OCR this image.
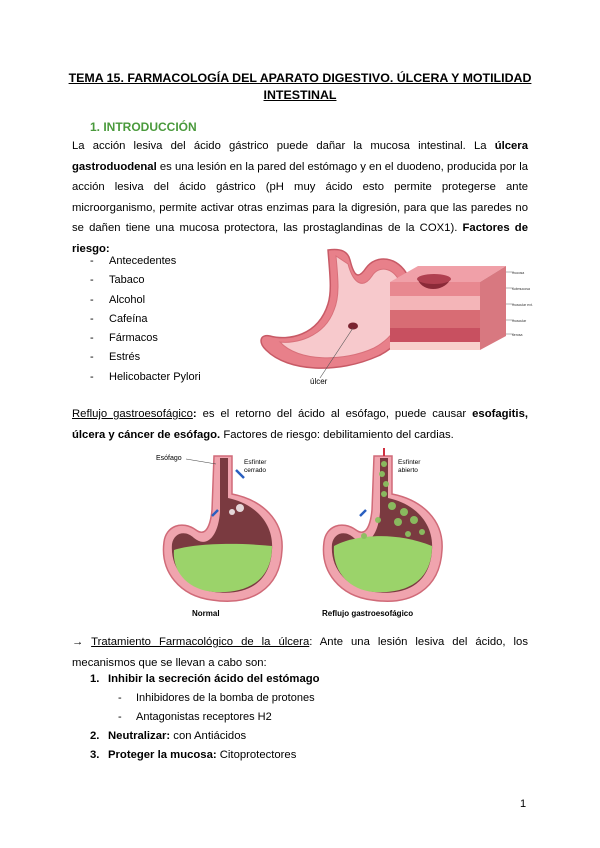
TEMA 15. FARMACOLOGÍA DEL APARATO DIGESTIVO. ÚLCERA Y MOTILIDAD INTESTINAL
1. INTRODUCCIÓN
La acción lesiva del ácido gástrico puede dañar la mucosa intestinal. La úlcera gastroduodenal es una lesión en la pared del estómago y en el duodeno, producida por la acción lesiva del ácido gástrico (pH muy ácido esto permite protegerse ante microorganismo, permite activar otras enzimas para la digresión, para que las paredes no se dañen tiene una mucosa protectora, las prostaglandinas de la COX1). Factores de riesgo:
- Antecedentes
- Tabaco
- Alcohol
- Cafeína
- Fármacos
- Estrés
- Helicobacter Pylori	úlcer
mucosa
submucosa
muscular ext.
muscular
serosa
Reflujo gastroesofágico: es el retorno del ácido al esófago, puede causar esofagitis, úlcera y cáncer de esófago. Factores de riesgo: debilitamiento del cardias.
Esófago
Esfínter
cerrado
Normal
Esfínter
abierto
Reflujo gastroesofágico
→ Tratamiento Farmacológico de la úlcera: Ante una lesión lesiva del ácido, los mecanismos que se llevan a cabo son:
1. Inhibir la secreción ácido del estómago
- Inhibidores de la bomba de protones
- Antagonistas receptores H2
2. Neutralizar: con Antiácidos
3. Proteger la mucosa: Citoprotectores
1
